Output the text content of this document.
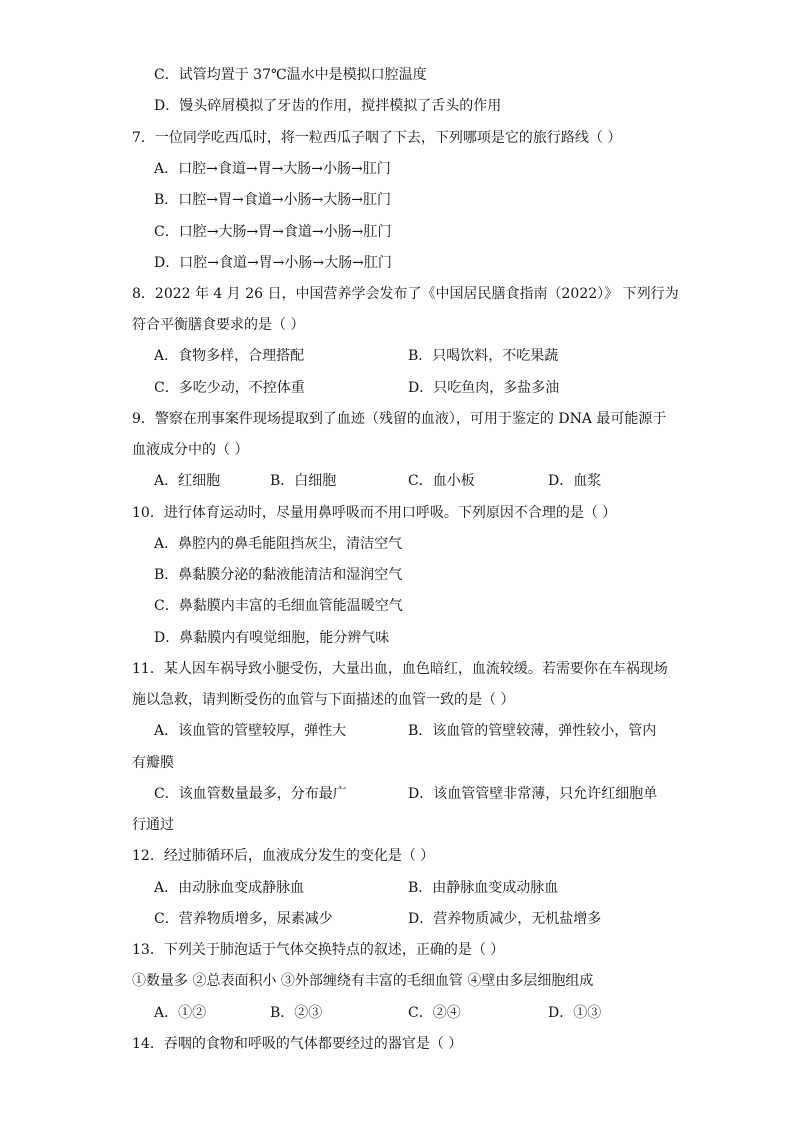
C．试管均置于 37℃温水中是模拟口腔温度
D．馒头碎屑模拟了牙齿的作用，搅拌模拟了舌头的作用
7．一位同学吃西瓜时，将一粒西瓜子咽了下去，下列哪项是它的旅行路线（ ）
A．口腔→食道→胃→大肠→小肠→肛门
B．口腔→胃→食道→小肠→大肠→肛门
C．口腔→大肠→胃→食道→小肠→肛门
D．口腔→食道→胃→小肠→大肠→肛门
8．2022 年 4 月 26 日，中国营养学会发布了《中国居民膳食指南（2022）》 下列行为
符合平衡膳食要求的是（ ）
A．食物多样，合理搭配	B．只喝饮料，不吃果蔬
C．多吃少动，不控体重	D．只吃鱼肉，多盐多油
9．警察在刑事案件现场提取到了血迹（残留的血液），可用于鉴定的 DNA 最可能源于
血液成分中的（ ）
A．红细胞	B．白细胞	C．血小板	D．血浆
10．进行体育运动时，尽量用鼻呼吸而不用口呼吸。下列原因不合理的是（ ）
A．鼻腔内的鼻毛能阻挡灰尘，清洁空气
B．鼻黏膜分泌的黏液能清洁和湿润空气
C．鼻黏膜内丰富的毛细血管能温暖空气
D．鼻黏膜内有嗅觉细胞，能分辨气味
11．某人因车祸导致小腿受伤，大量出血，血色暗红，血流较缓。若需要你在车祸现场
施以急救，请判断受伤的血管与下面描述的血管一致的是（ ）
A．该血管的管壁较厚，弹性大	B．该血管的管壁较薄，弹性较小，管内
有瓣膜
C．该血管数量最多，分布最广	D．该血管管壁非常薄，只允许红细胞单
行通过
12．经过肺循环后，血液成分发生的变化是（ ）
A．由动脉血变成静脉血	B．由静脉血变成动脉血
C．营养物质增多，尿素减少	D．营养物质减少，无机盐增多
13．下列关于肺泡适于气体交换特点的叙述，正确的是（ ）
①数量多 ②总表面积小 ③外部缠绕有丰富的毛细血管 ④壁由多层细胞组成
A．①②	B．②③	C．②④	D．①③
14．吞咽的食物和呼吸的气体都要经过的器官是（ ）
